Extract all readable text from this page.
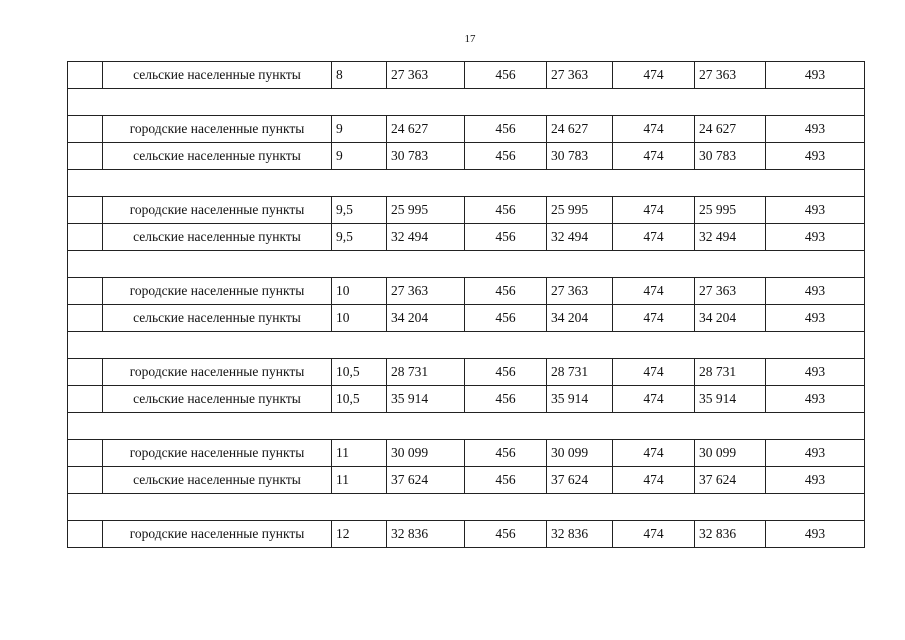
17
	сельские населенные пункты	8	27 363	456	27 363	474	27 363	493

	городские населенные пункты	9	24 627	456	24 627	474	24 627	493
	сельские населенные пункты	9	30 783	456	30 783	474	30 783	493

	городские населенные пункты	9,5	25 995	456	25 995	474	25 995	493
	сельские населенные пункты	9,5	32 494	456	32 494	474	32 494	493

	городские населенные пункты	10	27 363	456	27 363	474	27 363	493
	сельские населенные пункты	10	34 204	456	34 204	474	34 204	493

	городские населенные пункты	10,5	28 731	456	28 731	474	28 731	493
	сельские населенные пункты	10,5	35 914	456	35 914	474	35 914	493

	городские населенные пункты	11	30 099	456	30 099	474	30 099	493
	сельские населенные пункты	11	37 624	456	37 624	474	37 624	493

	городские населенные пункты	12	32 836	456	32 836	474	32 836	493
